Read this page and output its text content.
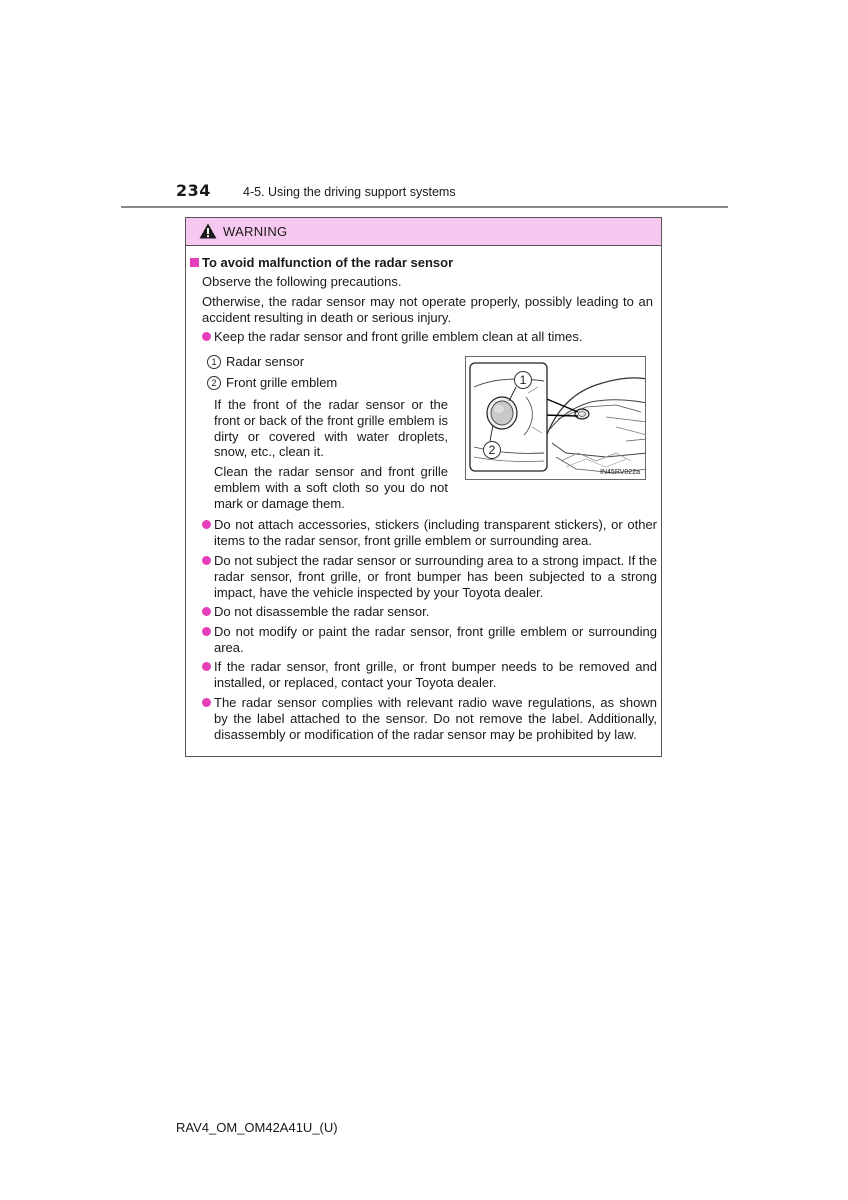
234	4-5. Using the driving support systems
WARNING

To avoid malfunction of the radar sensor

Observe the following precautions.

Otherwise, the radar sensor may not operate properly, possibly leading to an accident resulting in death or serious injury.

Keep the radar sensor and front grille emblem clean at all times.

1 Radar sensor

2 Front grille emblem

If the front of the radar sensor or the front or back of the front grille emblem is dirty or covered with water droplets, snow, etc., clean it.

Clean the radar sensor and front grille emblem with a soft cloth so you do not mark or damage them.

1
2
IN45RV022a

Do not attach accessories, stickers (including transparent stickers), or other items to the radar sensor, front grille emblem or surrounding area.

Do not subject the radar sensor or surrounding area to a strong impact. If the radar sensor, front grille, or front bumper has been subjected to a strong impact, have the vehicle inspected by your Toyota dealer.

Do not disassemble the radar sensor.

Do not modify or paint the radar sensor, front grille emblem or surrounding area.

If the radar sensor, front grille, or front bumper needs to be removed and installed, or replaced, contact your Toyota dealer.

The radar sensor complies with relevant radio wave regulations, as shown by the label attached to the sensor. Do not remove the label. Additionally, disassembly or modification of the radar sensor may be prohibited by law.

RAV4_OM_OM42A41U_(U)
